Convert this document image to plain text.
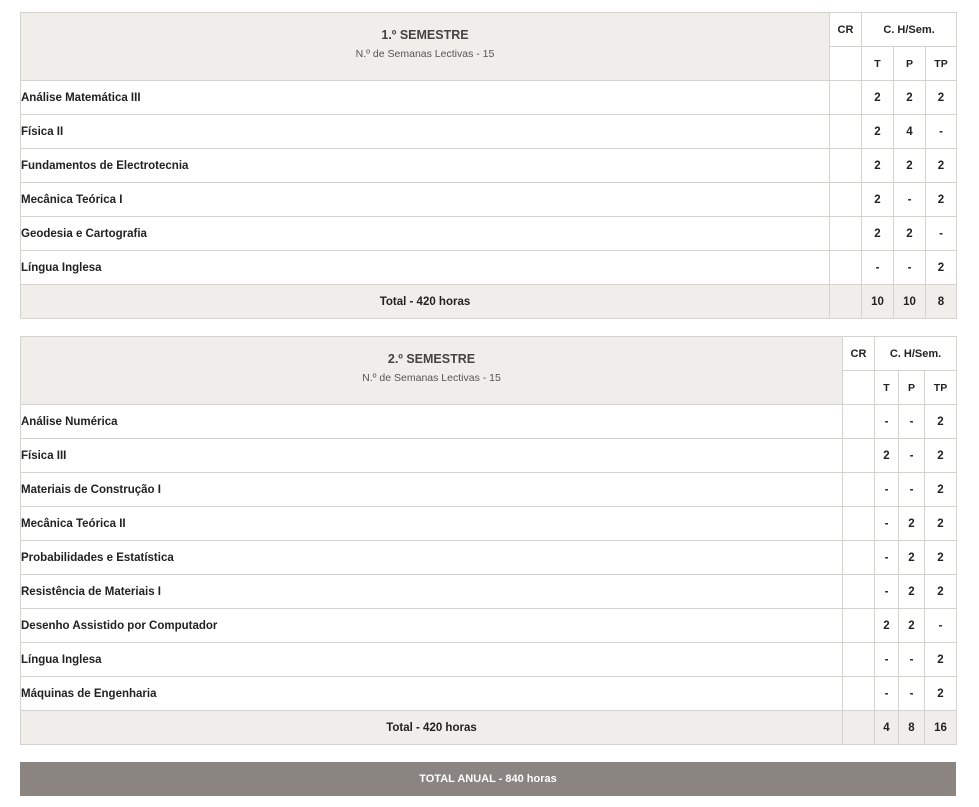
1.º SEMESTRE
N.º de Semanas Lectivas - 15	CR	C. H/Sem.		
		T	P	TP
Análise Matemática III		2	2	2
Física II		2	4	-
Fundamentos de Electrotecnia		2	2	2
Mecânica Teórica I		2	-	2
Geodesia e Cartografia		2	2	-
Língua Inglesa		-	-	2
Total - 420 horas		10	10	8
2.º SEMESTRE
N.º de Semanas Lectivas - 15	CR	C. H/Sem.		
		T	P	TP
Análise Numérica		-	-	2
Física III		2	-	2
Materiais de Construção I		-	-	2
Mecânica Teórica II		-	2	2
Probabilidades e Estatística		-	2	2
Resistência de Materiais I		-	2	2
Desenho Assistido por Computador		2	2	-
Língua Inglesa		-	-	2
Máquinas de Engenharia		-	-	2
Total - 420 horas		4	8	16
TOTAL ANUAL - 840 horas
